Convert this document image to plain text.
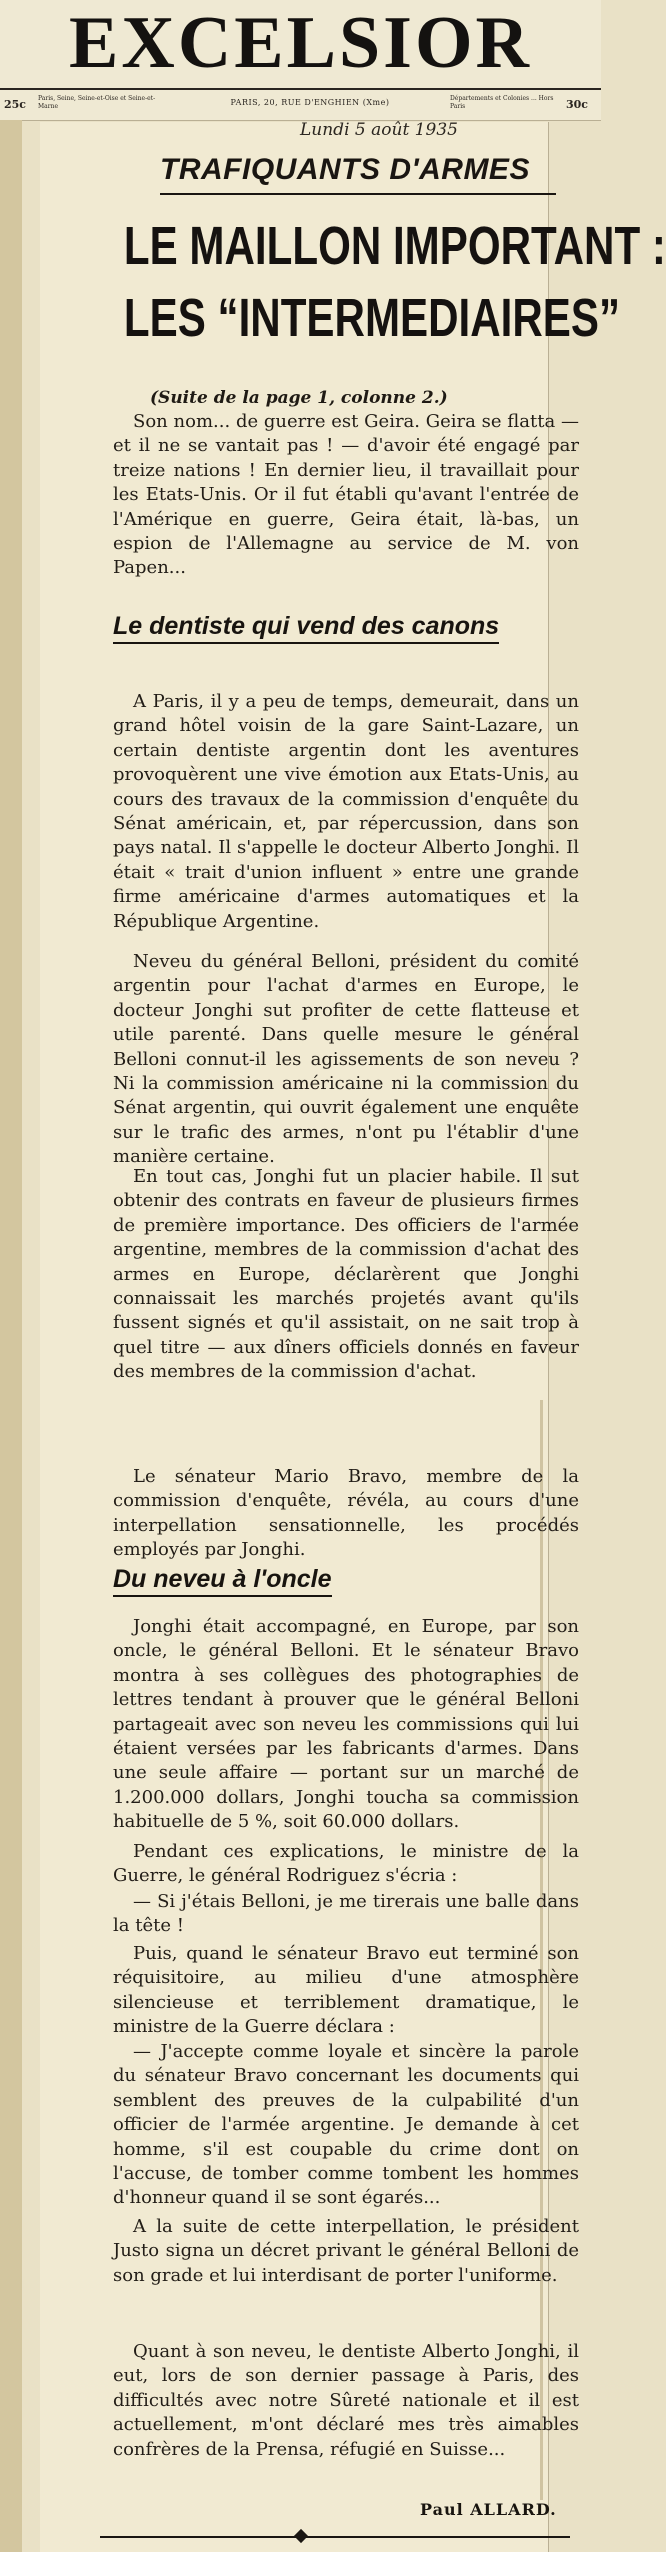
EXCELSIOR
25c Paris, Seine, Seine-et-Oise et Seine-et-Marne	PARIS, 20, RUE D'ENGHIEN (Xme)	Départements et Colonies ... Hors Paris	30c
Lundi 5 août 1935
TRAFIQUANTS D'ARMES
LE MAILLON IMPORTANT :
LES “INTERMEDIAIRES”
(Suite de la page 1, colonne 2.)

Son nom... de guerre est Geira. Geira se flatta — et il ne se vantait pas ! — d'avoir été engagé par treize nations ! En dernier lieu, il travaillait pour les Etats-Unis. Or il fut établi qu'avant l'entrée de l'Amérique en guerre, Geira était, là-bas, un espion de l'Allemagne au service de M. von Papen...

Le dentiste qui vend des canons

A Paris, il y a peu de temps, demeurait, dans un grand hôtel voisin de la gare Saint-Lazare, un certain dentiste argentin dont les aventures provoquèrent une vive émotion aux Etats-Unis, au cours des travaux de la commission d'enquête du Sénat américain, et, par répercussion, dans son pays natal. Il s'appelle le docteur Alberto Jonghi. Il était « trait d'union influent » entre une grande firme américaine d'armes automatiques et la République Argentine.

Neveu du général Belloni, président du comité argentin pour l'achat d'armes en Europe, le docteur Jonghi sut profiter de cette flatteuse et utile parenté. Dans quelle mesure le général Belloni connut-il les agissements de son neveu ? Ni la commission américaine ni la commission du Sénat argentin, qui ouvrit également une enquête sur le trafic des armes, n'ont pu l'établir d'une manière certaine.

En tout cas, Jonghi fut un placier habile. Il sut obtenir des contrats en faveur de plusieurs firmes de première importance. Des officiers de l'armée argentine, membres de la commission d'achat des armes en Europe, déclarèrent que Jonghi connaissait les marchés projetés avant qu'ils fussent signés et qu'il assistait, on ne sait trop à quel titre — aux dîners officiels donnés en faveur des membres de la commission d'achat.

Le sénateur Mario Bravo, membre de la commission d'enquête, révéla, au cours d'une interpellation sensationnelle, les procédés employés par Jonghi.

Du neveu à l'oncle

Jonghi était accompagné, en Europe, par son oncle, le général Belloni. Et le sénateur Bravo montra à ses collègues des photographies de lettres tendant à prouver que le général Belloni partageait avec son neveu les commissions qui lui étaient versées par les fabricants d'armes. Dans une seule affaire — portant sur un marché de 1.200.000 dollars, Jonghi toucha sa commission habituelle de 5 %, soit 60.000 dollars.

Pendant ces explications, le ministre de la Guerre, le général Rodriguez s'écria :

— Si j'étais Belloni, je me tirerais une balle dans la tête !

Puis, quand le sénateur Bravo eut terminé son réquisitoire, au milieu d'une atmosphère silencieuse et terriblement dramatique, le ministre de la Guerre déclara :

— J'accepte comme loyale et sincère la parole du sénateur Bravo concernant les documents qui semblent des preuves de la culpabilité d'un officier de l'armée argentine. Je demande à cet homme, s'il est coupable du crime dont on l'accuse, de tomber comme tombent les hommes d'honneur quand il se sont égarés...

A la suite de cette interpellation, le président Justo signa un décret privant le général Belloni de son grade et lui interdisant de porter l'uniforme.

Quant à son neveu, le dentiste Alberto Jonghi, il eut, lors de son dernier passage à Paris, des difficultés avec notre Sûreté nationale et il est actuellement, m'ont déclaré mes très aimables confrères de la Prensa, réfugié en Suisse...

Paul ALLARD.
